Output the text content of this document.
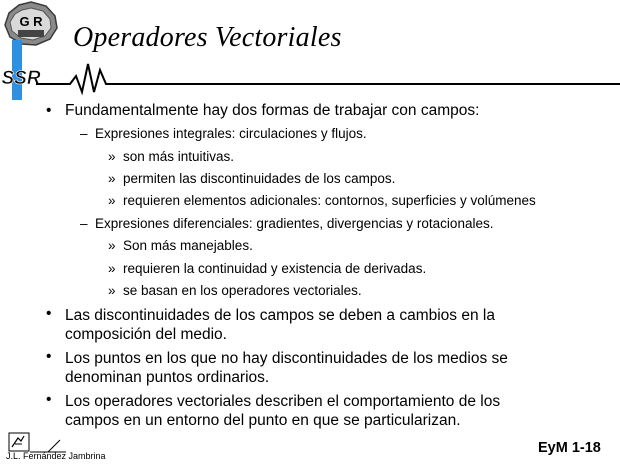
G R
SSR
Operadores Vectoriales
• Fundamentalmente hay dos formas de trabajar con campos:
– Expresiones integrales: circulaciones y flujos.
» son más intuitivas.
» permiten las discontinuidades de los campos.
» requieren elementos adicionales: contornos, superficies y volúmenes
– Expresiones diferenciales: gradientes, divergencias y rotacionales.
» Son más manejables.
» requieren la continuidad y existencia de derivadas.
» se basan en los operadores vectoriales.
• Las discontinuidades de los campos se deben a cambios en la
composición del medio.
• Los puntos en los que no hay discontinuidades de los medios se
denominan puntos ordinarios.
• Los operadores vectoriales describen el comportamiento de los
campos en un entorno del punto en que se particularizan.
J.L. Fernández Jambrina	EyM 1-18
